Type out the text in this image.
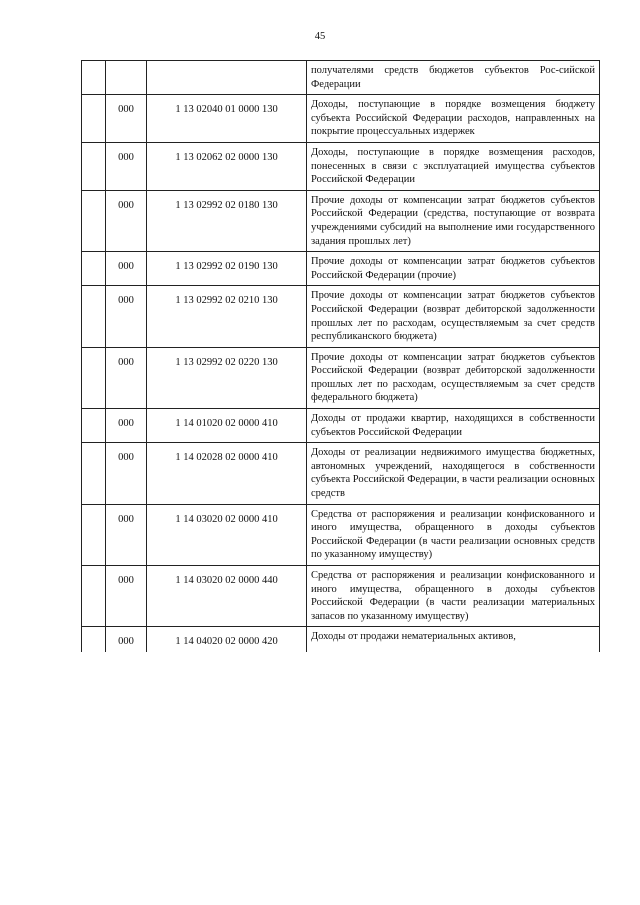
45
			получателями средств бюджетов субъектов Рос-сийской Федерации
	000	1 13 02040 01 0000 130	Доходы, поступающие в порядке возмещения бюджету субъекта Российской Федерации расходов, направленных на покрытие процессуальных издержек
	000	1 13 02062 02 0000 130	Доходы, поступающие в порядке возмещения расходов, понесенных в связи с эксплуатацией имущества субъектов Российской Федерации
	000	1 13 02992 02 0180 130	Прочие доходы от компенсации затрат бюджетов субъектов Российской Федерации (средства, поступающие от возврата учреждениями субсидий на выполнение ими государственного задания прошлых лет)
	000	1 13 02992 02 0190 130	Прочие доходы от компенсации затрат бюджетов субъектов Российской Федерации (прочие)
	000	1 13 02992 02 0210 130	Прочие доходы от компенсации затрат бюджетов субъектов Российской Федерации (возврат дебиторской задолженности прошлых лет по расходам, осуществляемым за счет средств республиканского бюджета)
	000	1 13 02992 02 0220 130	Прочие доходы от компенсации затрат бюджетов субъектов Российской Федерации (возврат дебиторской задолженности прошлых лет по расходам, осуществляемым за счет средств федерального бюджета)
	000	1 14 01020 02 0000 410	Доходы от продажи квартир, находящихся в собственности субъектов Российской Федерации
	000	1 14 02028 02 0000 410	Доходы от реализации недвижимого имущества бюджетных, автономных учреждений, находящегося в собственности субъекта Российской Федерации, в части реализации основных средств
	000	1 14 03020 02 0000 410	Средства от распоряжения и реализации конфискованного и иного имущества, обращенного в доходы субъектов Российской Федерации (в части реализации основных средств по указанному имуществу)
	000	1 14 03020 02 0000 440	Средства от распоряжения и реализации конфискованного и иного имущества, обращенного в доходы субъектов Российской Федерации (в части реализации материальных запасов по указанному имуществу)
	000	1 14 04020 02 0000 420	Доходы от продажи нематериальных активов,
